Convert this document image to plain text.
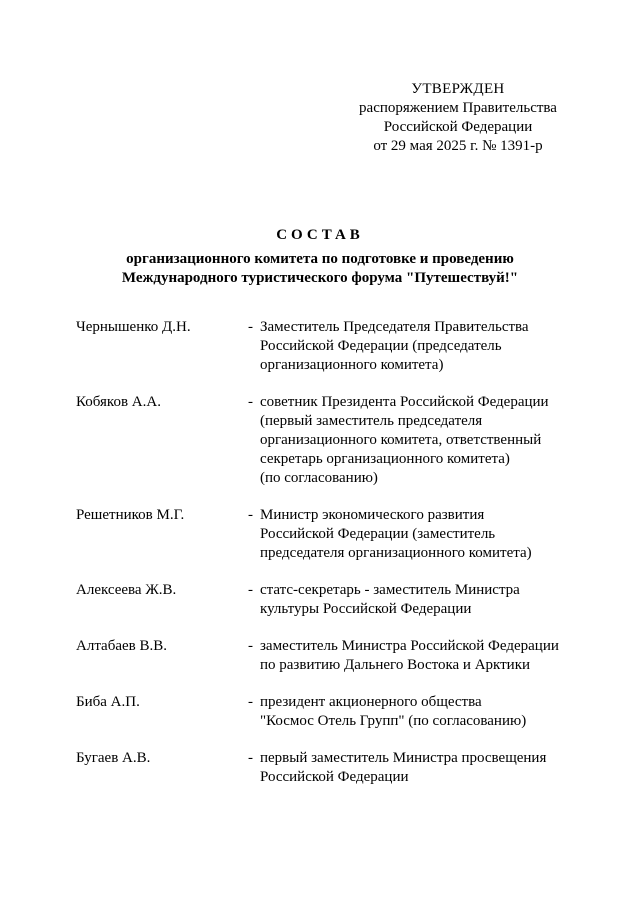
УТВЕРЖДЕН
распоряжением Правительства
Российской Федерации
от 29 мая 2025 г. № 1391-р
СОСТАВ
организационного комитета по подготовке и проведению
Международного туристического форума "Путешествуй!"
Чернышенко Д.Н.	- Заместитель Председателя Правительства
Российской Федерации (председатель
организационного комитета)
Кобяков А.А.	- советник Президента Российской Федерации
(первый заместитель председателя
организационного комитета, ответственный
секретарь организационного комитета)
(по согласованию)
Решетников М.Г.	- Министр экономического развития
Российской Федерации (заместитель
председателя организационного комитета)
Алексеева Ж.В.	- статс-секретарь - заместитель Министра
культуры Российской Федерации
Алтабаев В.В.	- заместитель Министра Российской Федерации
по развитию Дальнего Востока и Арктики
Биба А.П.	- президент акционерного общества
"Космос Отель Групп" (по согласованию)
Бугаев А.В.	- первый заместитель Министра просвещения
Российской Федерации
